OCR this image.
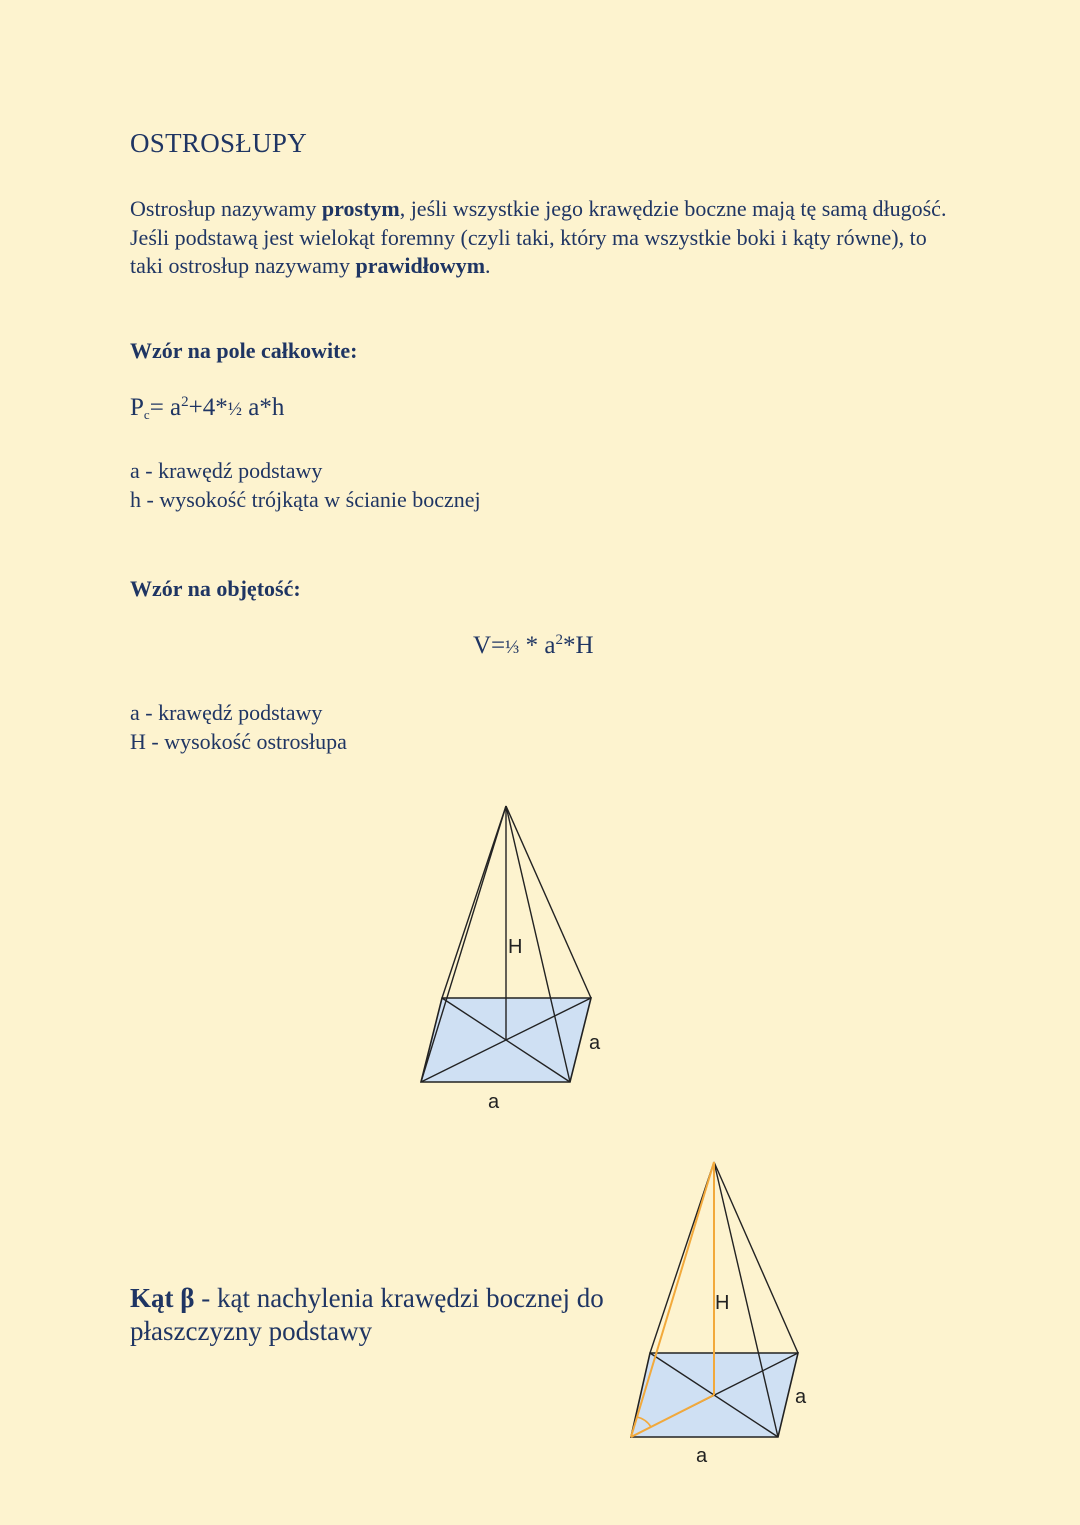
OSTROSŁUPY
Ostrosłup nazywamy prostym, jeśli wszystkie jego krawędzie boczne mają tę samą długość.
Jeśli podstawą jest wielokąt foremny (czyli taki, który ma wszystkie boki i kąty równe), to taki ostrosłup nazywamy prawidłowym.
Wzór na pole całkowite:
$P_c=$ $a^2+4*\frac{1}{2}$ a*h
a - krawędź podstawy
h - wysokość trójkąta w ścianie bocznej
Wzór na objętość:
V=⅓ * $a^2*H$
a - krawędź podstawy
H - wysokość ostrosłupa
H
a
a
Kąt β - kąt nachylenia krawędzi bocznej do płaszczyzny podstawy
H
a
a
